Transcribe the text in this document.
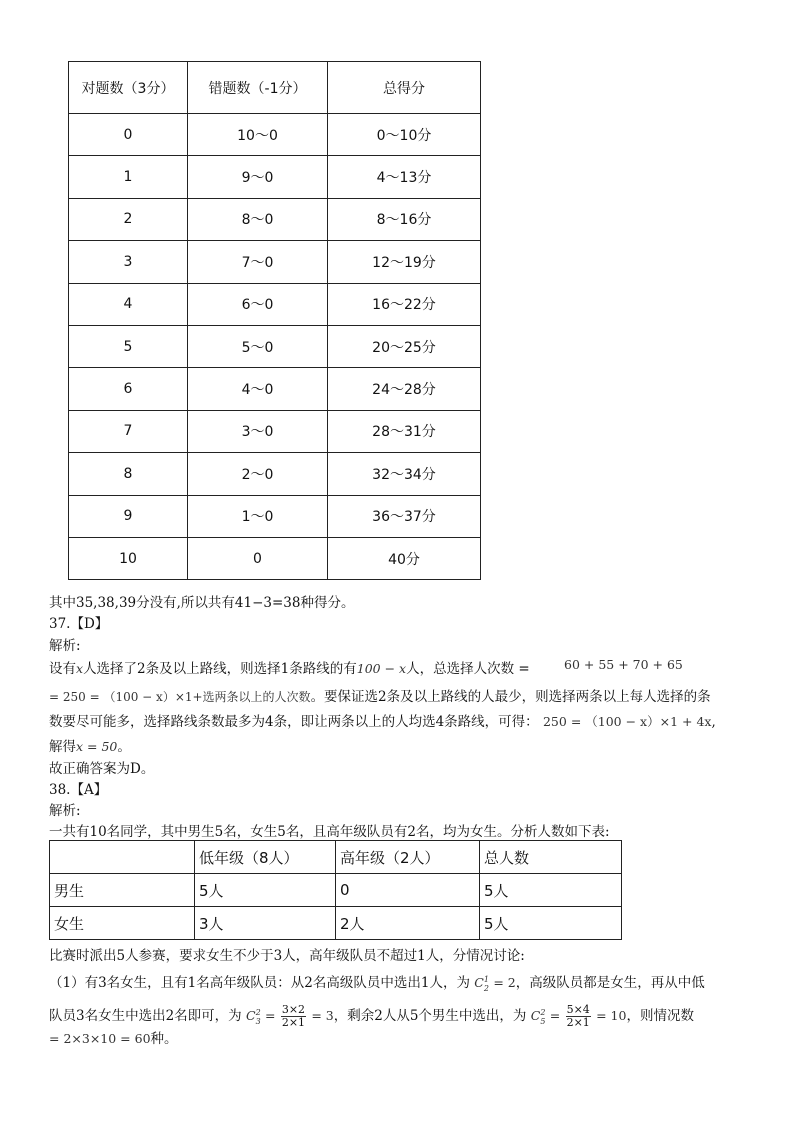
对题数（3分）	错题数（-1分）	总得分
0	10～0	0～10分
1	9～0	4～13分
2	8～0	8～16分
3	7～0	12～19分
4	6～0	16～22分
5	5～0	20～25分
6	4～0	24～28分
7	3～0	28～31分
8	2～0	32～34分
9	1～0	36～37分
10	0	40分
其中35,38,39分没有,所以共有41−3=38种得分。
37.【D】
解析:
设有x人选择了2条及以上路线，则选择1条路线的有100 − x人，总选择人次数 =	60 + 55 + 70 + 65
= 250 = （100 − x）×1+选两条以上的人次数。要保证选2条及以上路线的人最少，则选择两条以上每人选择的条
数要尽可能多，选择路线条数最多为4条，即让两条以上的人均选4条路线，可得： 250 = （100 − x）×1 + 4x,
解得x = 50。
故正确答案为D。
38.【A】
解析:
一共有10名同学，其中男生5名，女生5名，且高年级队员有2名，均为女生。分析人数如下表:
	低年级（8人）	高年级（2人）	总人数
男生	5人	0	5人
女生	3人	2人	5人
比赛时派出5人参赛，要求女生不少于3人，高年级队员不超过1人，分情况讨论:
（1）有3名女生，且有1名高年级队员：从2名高级队员中选出1人，为 $C^1_2 = 2$，高级队员都是女生，再从中低
队员3名女生中选出2名即可，为 $C^2_3 = \frac{3\times 2}{2\times 1} = 3$，剩余2人从5个男生中选出，为 $C^2_5 = \frac{5\times 4}{2\times 1} = 10$，则情况数
= 2×3×10 = 60种。
